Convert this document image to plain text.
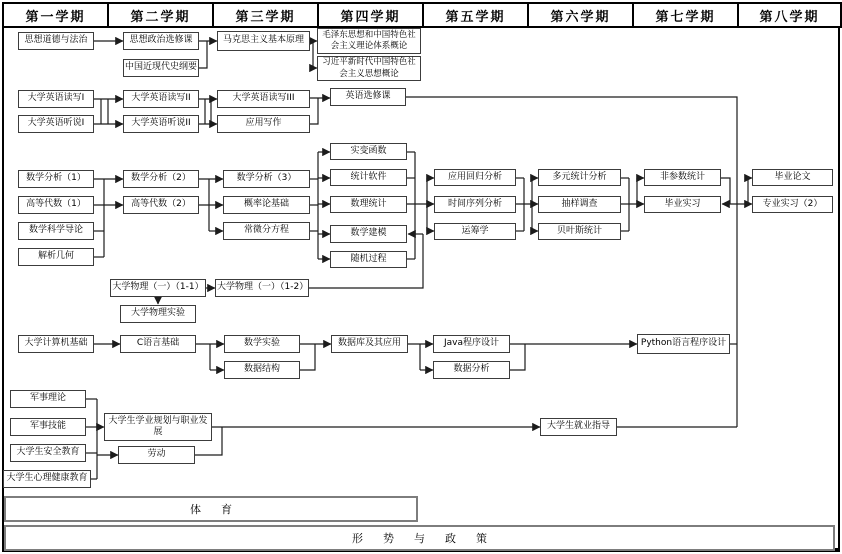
第一学期	第二学期	第三学期	第四学期	第五学期	第六学期	第七学期	第八学期
思想道德与法治	思想政治选修课
中国近现代史纲要
马克思主义基本原理
毛泽东思想和中国特色社会主义理论体系概论
习近平新时代中国特色社会主义思想概论
大学英语读写I
大学英语听说I
大学英语读写II
大学英语听说II
大学英语读写III
应用写作
英语选修课
数学分析（1）
高等代数（1）
数学科学导论
解析几何
数学分析（2）
高等代数（2）
数学分析（3）
概率论基础
常微分方程
实变函数
统计软件
数理统计
数学建模
随机过程
应用回归分析
时间序列分析
运筹学
多元统计分析
抽样调查
贝叶斯统计
非参数统计
毕业实习
毕业论文
专业实习（2）
大学物理（一）（1-1） 大学物理（一）（1-2）
大学物理实验
大学计算机基础	C语言基础	数学实验
数据结构
数据库及其应用	Java程序设计
数据分析
Python语言程序设计
军事理论
军事技能
大学生安全教育
大学生心理健康教育
大学生学业规划与职业发展
劳动
大学生就业指导
体育
形势与政策
